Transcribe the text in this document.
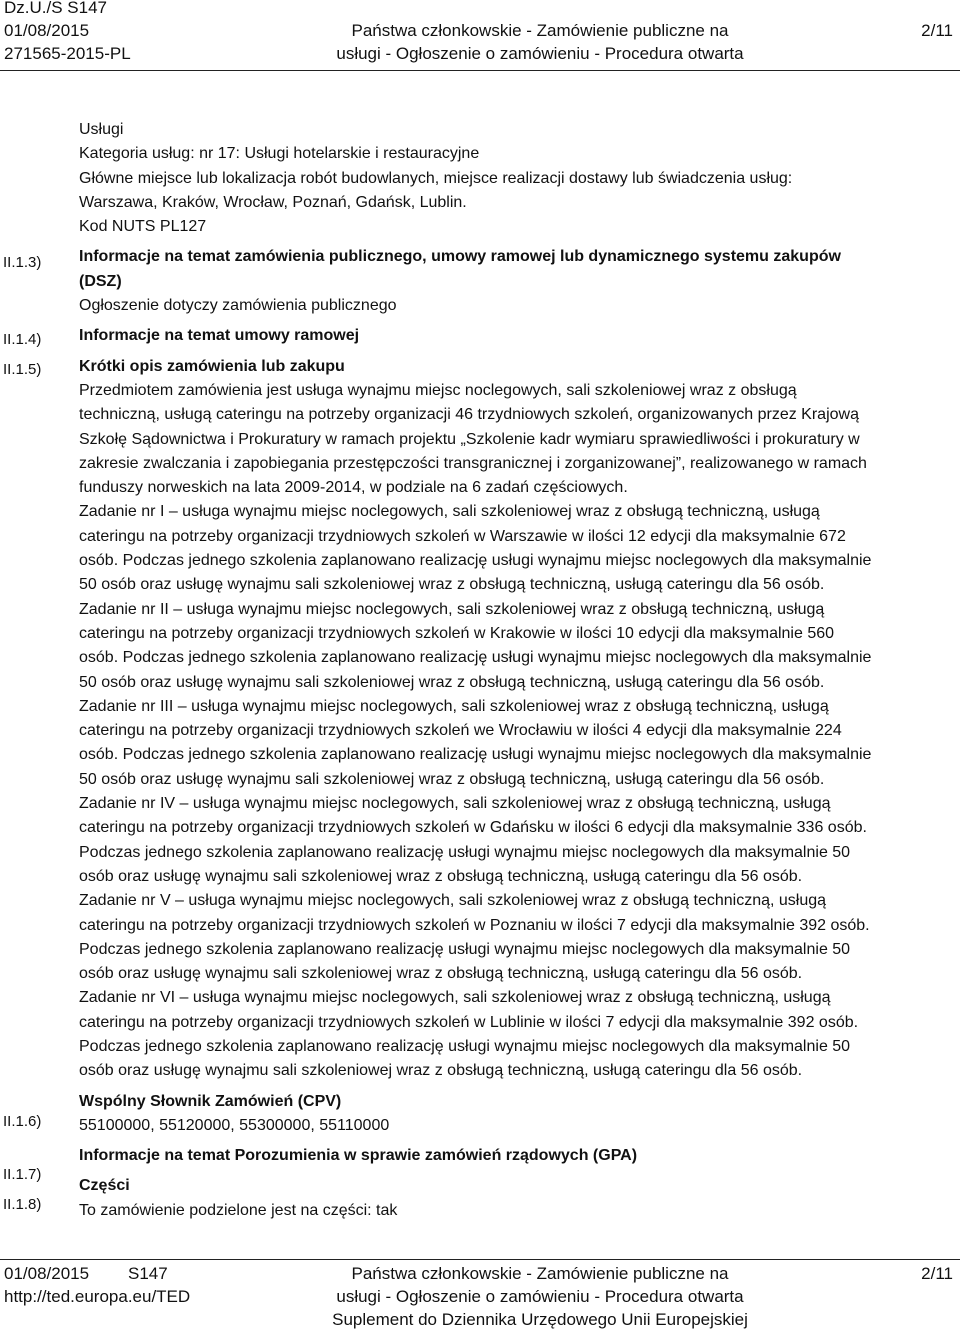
Dz.U./S S147
01/08/2015
271565-2015-PL
Państwa członkowskie - Zamówienie publiczne na
usługi - Ogłoszenie o zamówieniu - Procedura otwarta
2/11
II.1.3)
II.1.4)
II.1.5)
II.1.6)
II.1.7)
II.1.8)

Usługi

Kategoria usług: nr 17: Usługi hotelarskie i restauracyjne

Główne miejsce lub lokalizacja robót budowlanych, miejsce realizacji dostawy lub świadczenia usług:

Warszawa, Kraków, Wrocław, Poznań, Gdańsk, Lublin.

Kod NUTS PL127

Informacje na temat zamówienia publicznego, umowy ramowej lub dynamicznego systemu zakupów

(DSZ)

Ogłoszenie dotyczy zamówienia publicznego

Informacje na temat umowy ramowej

Krótki opis zamówienia lub zakupu

Przedmiotem zamówienia jest usługa wynajmu miejsc noclegowych, sali szkoleniowej wraz z obsługą

techniczną, usługą cateringu na potrzeby organizacji 46 trzydniowych szkoleń, organizowanych przez Krajową

Szkołę Sądownictwa i Prokuratury w ramach projektu „Szkolenie kadr wymiaru sprawiedliwości i prokuratury w

zakresie zwalczania i zapobiegania przestępczości transgranicznej i zorganizowanej”, realizowanego w ramach

funduszy norweskich na lata 2009-2014, w podziale na 6 zadań częściowych.

Zadanie nr I – usługa wynajmu miejsc noclegowych, sali szkoleniowej wraz z obsługą techniczną, usługą

cateringu na potrzeby organizacji trzydniowych szkoleń w Warszawie w ilości 12 edycji dla maksymalnie 672

osób. Podczas jednego szkolenia zaplanowano realizację usługi wynajmu miejsc noclegowych dla maksymalnie

50 osób oraz usługę wynajmu sali szkoleniowej wraz z obsługą techniczną, usługą cateringu dla 56 osób.

Zadanie nr II – usługa wynajmu miejsc noclegowych, sali szkoleniowej wraz z obsługą techniczną, usługą

cateringu na potrzeby organizacji trzydniowych szkoleń w Krakowie w ilości 10 edycji dla maksymalnie 560

osób. Podczas jednego szkolenia zaplanowano realizację usługi wynajmu miejsc noclegowych dla maksymalnie

50 osób oraz usługę wynajmu sali szkoleniowej wraz z obsługą techniczną, usługą cateringu dla 56 osób.

Zadanie nr III – usługa wynajmu miejsc noclegowych, sali szkoleniowej wraz z obsługą techniczną, usługą

cateringu na potrzeby organizacji trzydniowych szkoleń we Wrocławiu w ilości 4 edycji dla maksymalnie 224

osób. Podczas jednego szkolenia zaplanowano realizację usługi wynajmu miejsc noclegowych dla maksymalnie

50 osób oraz usługę wynajmu sali szkoleniowej wraz z obsługą techniczną, usługą cateringu dla 56 osób.

Zadanie nr IV – usługa wynajmu miejsc noclegowych, sali szkoleniowej wraz z obsługą techniczną, usługą

cateringu na potrzeby organizacji trzydniowych szkoleń w Gdańsku w ilości 6 edycji dla maksymalnie 336 osób.

Podczas jednego szkolenia zaplanowano realizację usługi wynajmu miejsc noclegowych dla maksymalnie 50

osób oraz usługę wynajmu sali szkoleniowej wraz z obsługą techniczną, usługą cateringu dla 56 osób.

Zadanie nr V – usługa wynajmu miejsc noclegowych, sali szkoleniowej wraz z obsługą techniczną, usługą

cateringu na potrzeby organizacji trzydniowych szkoleń w Poznaniu w ilości 7 edycji dla maksymalnie 392 osób.

Podczas jednego szkolenia zaplanowano realizację usługi wynajmu miejsc noclegowych dla maksymalnie 50

osób oraz usługę wynajmu sali szkoleniowej wraz z obsługą techniczną, usługą cateringu dla 56 osób.

Zadanie nr VI – usługa wynajmu miejsc noclegowych, sali szkoleniowej wraz z obsługą techniczną, usługą

cateringu na potrzeby organizacji trzydniowych szkoleń w Lublinie w ilości 7 edycji dla maksymalnie 392 osób.

Podczas jednego szkolenia zaplanowano realizację usługi wynajmu miejsc noclegowych dla maksymalnie 50

osób oraz usługę wynajmu sali szkoleniowej wraz z obsługą techniczną, usługą cateringu dla 56 osób.

Wspólny Słownik Zamówień (CPV)

55100000, 55120000, 55300000, 55110000

Informacje na temat Porozumienia w sprawie zamówień rządowych (GPA)

Części

To zamówienie podzielone jest na części: tak

01/08/2015 S147
http://ted.europa.eu/TED
Państwa członkowskie - Zamówienie publiczne na
usługi - Ogłoszenie o zamówieniu - Procedura otwarta
Suplement do Dziennika Urzędowego Unii Europejskiej
2/11
